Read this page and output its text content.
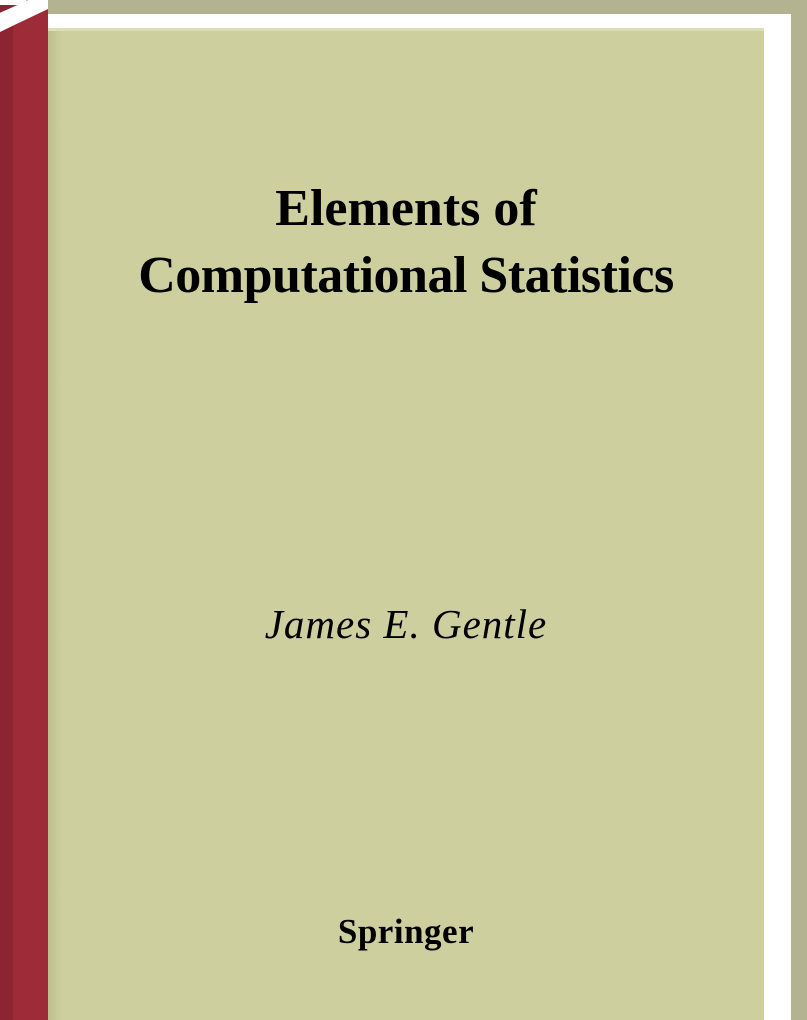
Elements of
Computational Statistics
James E. Gentle
Springer
